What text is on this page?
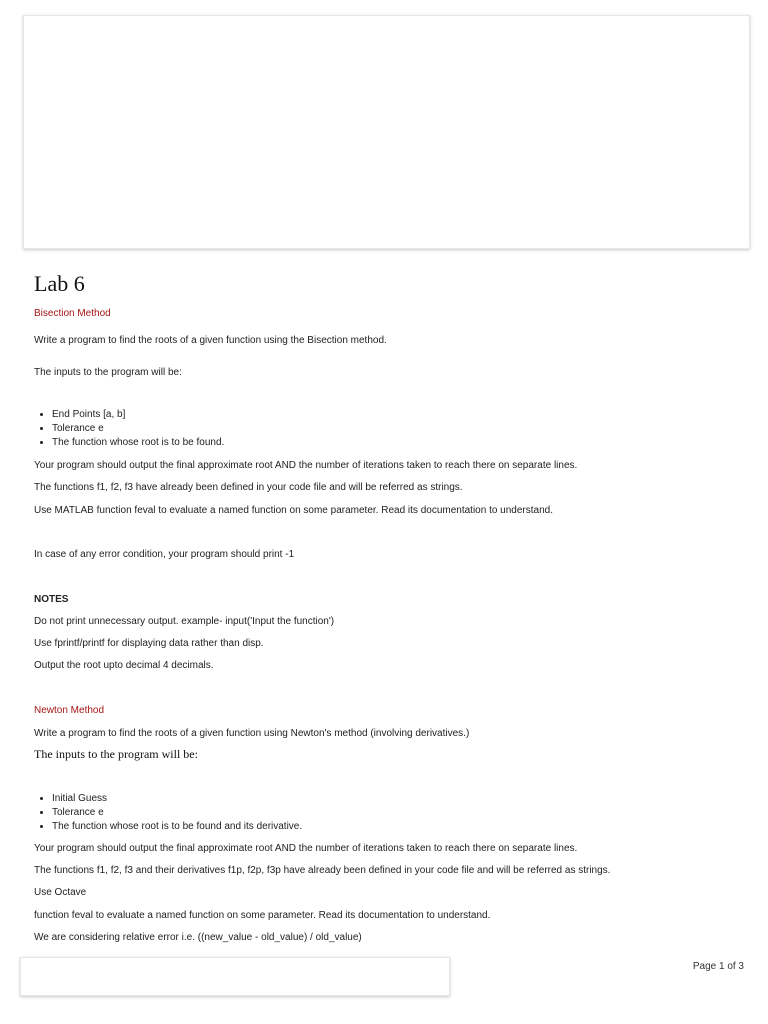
Lab 6
Bisection Method
Write a program to find the roots of a given function using the Bisection method.
The inputs to the program will be:
• End Points [a, b]
• Tolerance e
• The function whose root is to be found.
Your program should output the final approximate root AND the number of iterations taken to reach there on separate lines.
The functions f1, f2, f3 have already been defined in your code file and will be referred as strings.
Use MATLAB function feval to evaluate a named function on some parameter. Read its documentation to understand.
In case of any error condition, your program should print -1
NOTES
Do not print unnecessary output. example- input('Input the function')
Use fprintf/printf for displaying data rather than disp.
Output the root upto decimal 4 decimals.
Newton Method
Write a program to find the roots of a given function using Newton's method (involving derivatives.)
The inputs to the program will be:
• Initial Guess
• Tolerance e
• The function whose root is to be found and its derivative.
Your program should output the final approximate root AND the number of iterations taken to reach there on separate lines.
The functions f1, f2, f3 and their derivatives f1p, f2p, f3p have already been defined in your code file and will be referred as strings.
Use Octave
function feval to evaluate a named function on some parameter. Read its documentation to understand.
We are considering relative error i.e. ((new_value - old_value) / old_value)
Page 1 of 3
